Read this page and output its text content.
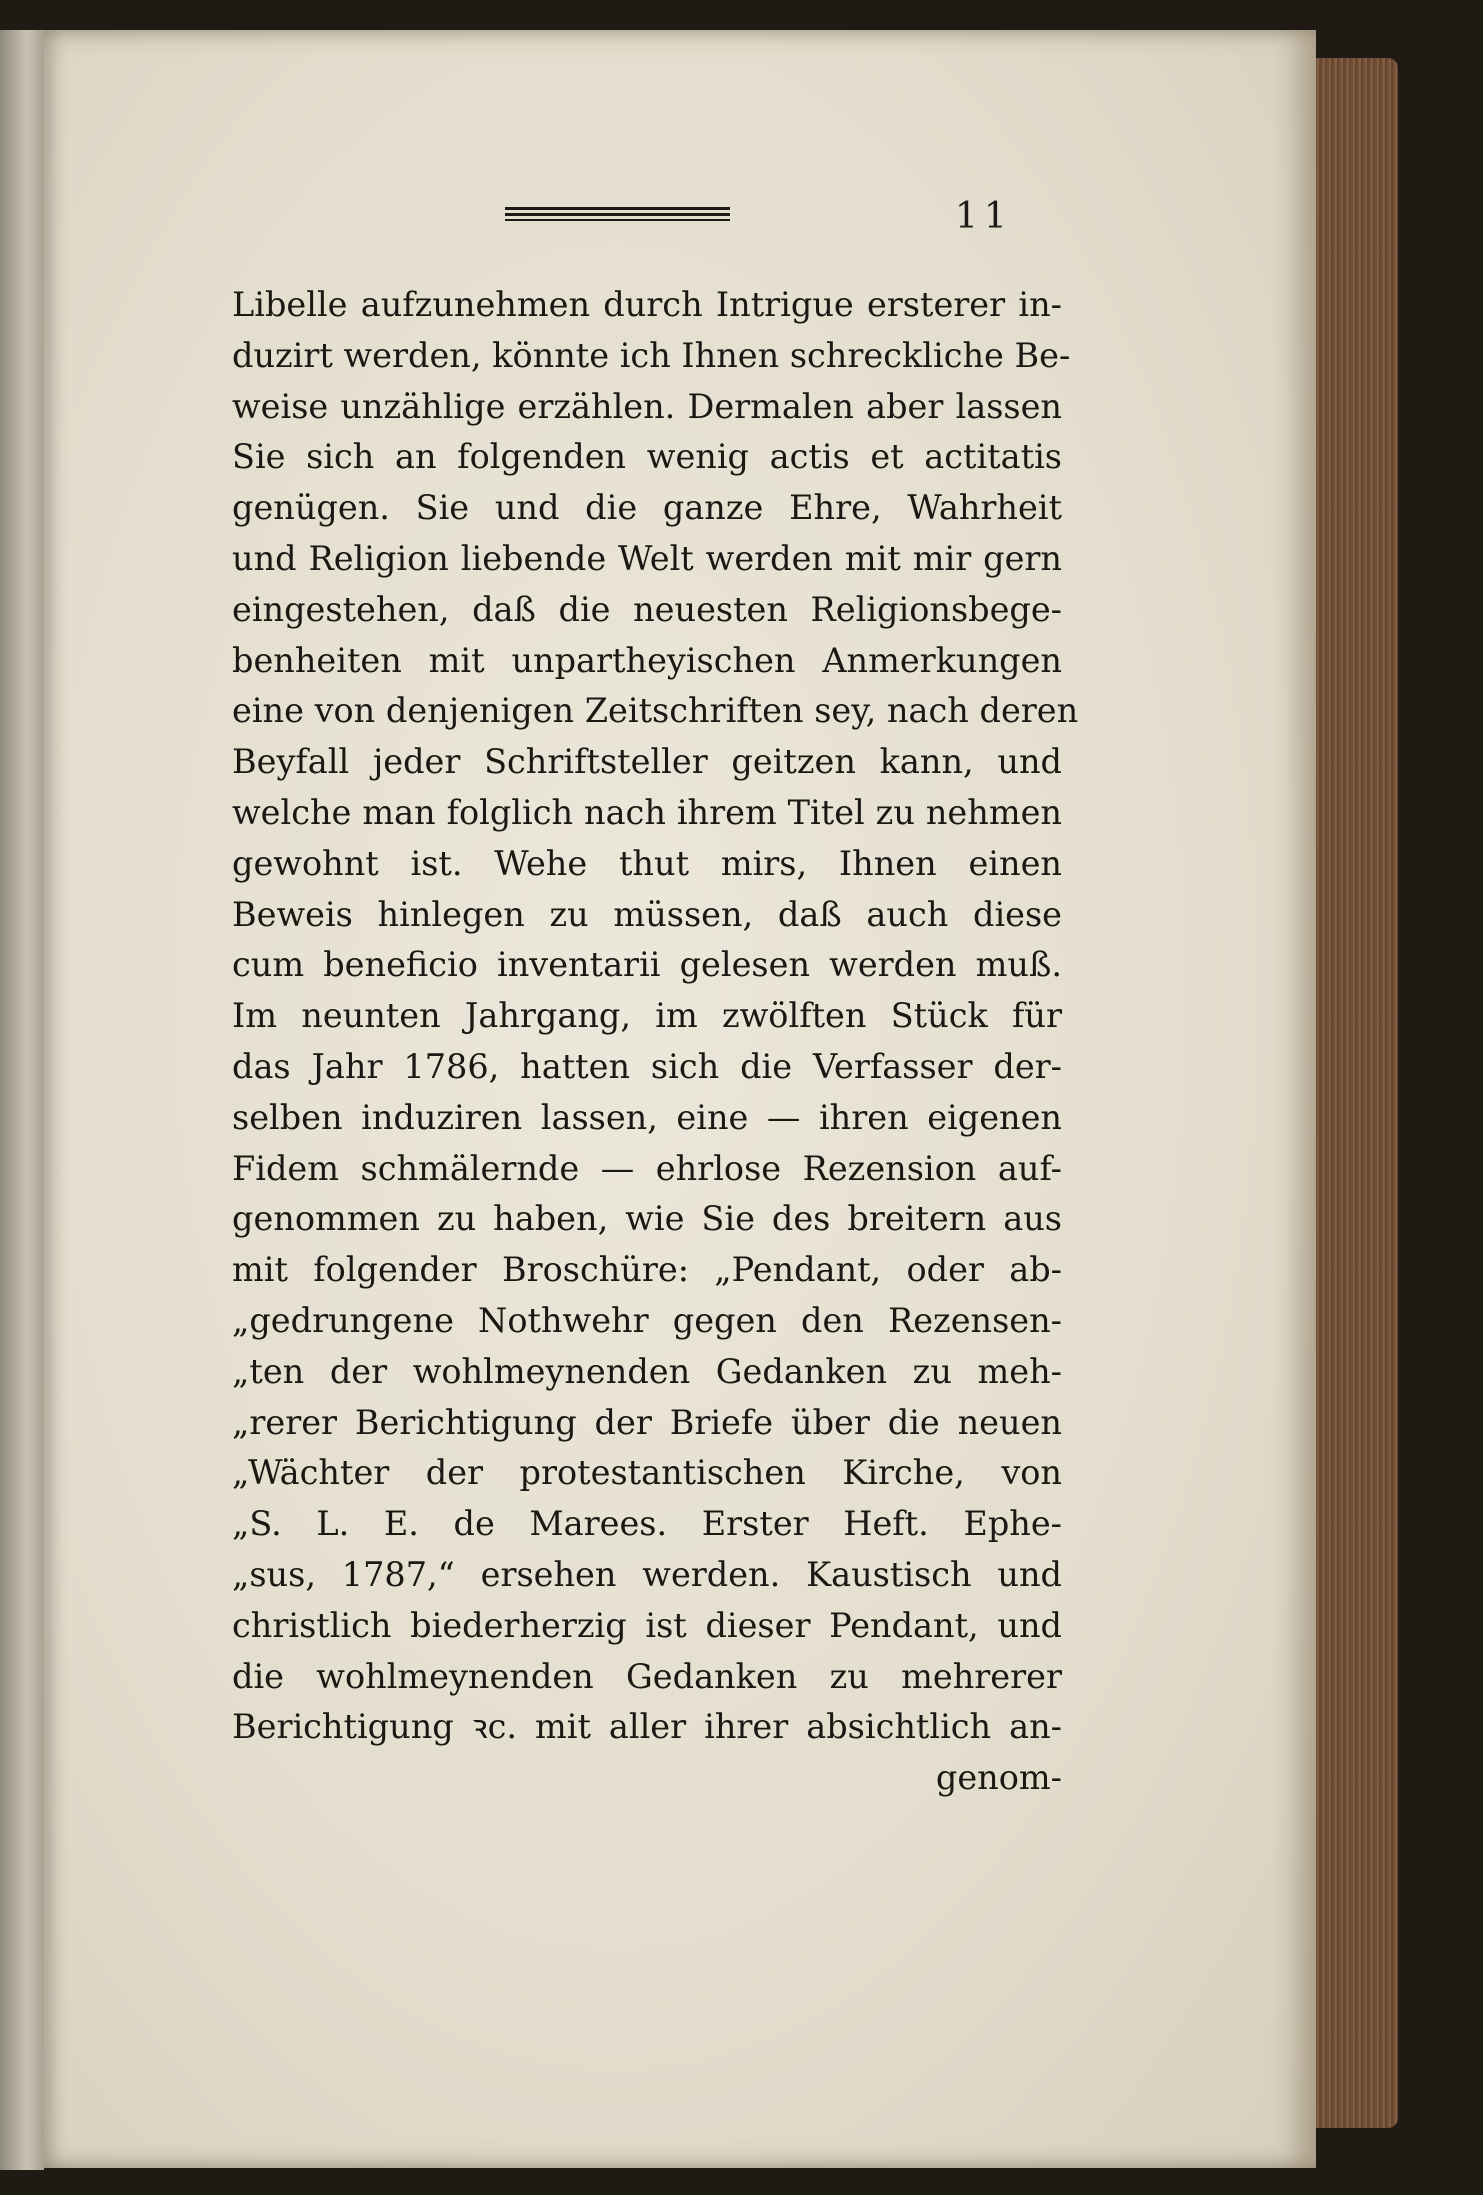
11
Libelle aufzunehmen durch Intrigue ersterer in-
duzirt werden, könnte ich Ihnen schreckliche Be-
weise unzählige erzählen. Dermalen aber lassen
Sie sich an folgenden wenig actis et actitatis
genügen. Sie und die ganze Ehre, Wahrheit
und Religion liebende Welt werden mit mir gern
eingestehen, daß die neuesten Religionsbege-
benheiten mit unpartheyischen Anmerkungen
eine von denjenigen Zeitschriften sey, nach deren
Beyfall jeder Schriftsteller geitzen kann, und
welche man folglich nach ihrem Titel zu nehmen
gewohnt ist. Wehe thut mirs, Ihnen einen
Beweis hinlegen zu müssen, daß auch diese
cum beneficio inventarii gelesen werden muß.
Im neunten Jahrgang, im zwölften Stück für
das Jahr 1786, hatten sich die Verfasser der-
selben induziren lassen, eine — ihren eigenen
Fidem schmälernde — ehrlose Rezension auf-
genommen zu haben, wie Sie des breitern aus
mit folgender Broschüre: „Pendant, oder ab-
„gedrungene Nothwehr gegen den Rezensen-
„ten der wohlmeynenden Gedanken zu meh-
„rerer Berichtigung der Briefe über die neuen
„Wächter der protestantischen Kirche, von
„S. L. E. de Marees. Erster Heft. Ephe-
„sus, 1787,“ ersehen werden. Kaustisch und
christlich biederherzig ist dieser Pendant, und
die wohlmeynenden Gedanken zu mehrerer
Berichtigung ꝛc. mit aller ihrer absichtlich an-
genom-
